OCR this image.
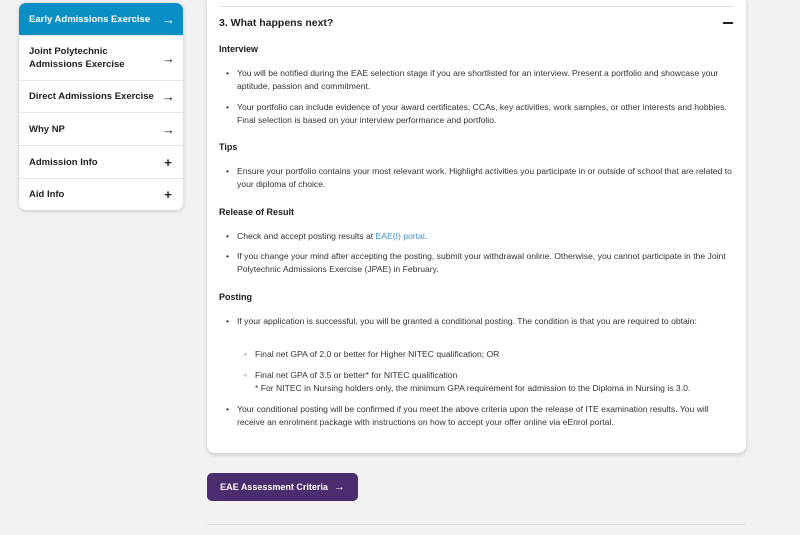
Early Admissions Exercise →
Joint Polytechnic Admissions Exercise	→
Direct Admissions Exercise →
Why NP	→
Admission Info	+
Aid Info	+
3. What happens next?
Interview
• You will be notified during the EAE selection stage if you are shortlisted for an interview. Present a portfolio and showcase your aptitude, passion and commitment.
• Your portfolio can include evidence of your award certificates, CCAs, key activities, work samples, or other interests and hobbies. Final selection is based on your interview performance and portfolio.
Tips
• Ensure your portfolio contains your most relevant work. Highlight activities you participate in or outside of school that are related to your diploma of choice.
Release of Result
• Check and accept posting results at EAE(I) portal.
• If you change your mind after accepting the posting, submit your withdrawal online. Otherwise, you cannot participate in the Joint Polytechnic Admissions Exercise (JPAE) in February.
Posting
• If your application is successful, you will be granted a conditional posting. The condition is that you are required to obtain:
◦ Final net GPA of 2.0 or better for Higher NITEC qualification; OR
◦ Final net GPA of 3.5 or better* for NITEC qualification
* For NITEC in Nursing holders only, the minimum GPA requirement for admission to the Diploma in Nursing is 3.0.
• Your conditional posting will be confirmed if you meet the above criteria upon the release of ITE examination results. You will receive an enrolment package with instructions on how to accept your offer online via eEnrol portal.
EAE Assessment Criteria →
